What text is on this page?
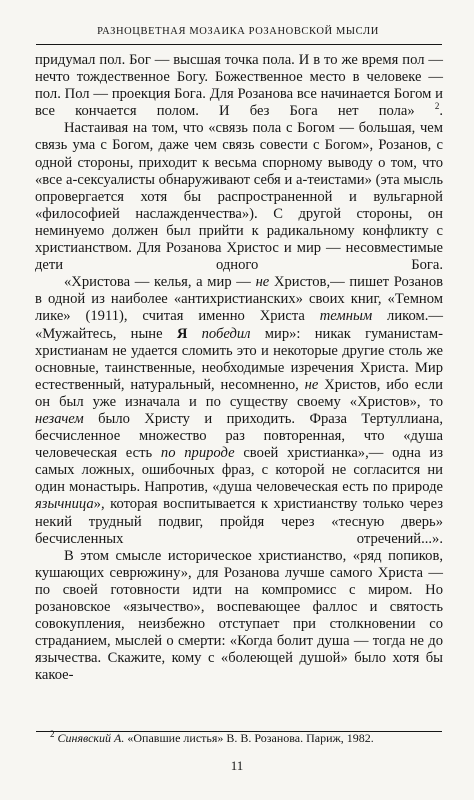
РАЗНОЦВЕТНАЯ МОЗАИКА РОЗАНОВСКОЙ МЫСЛИ

придумал пол. Бог — высшая точка пола. И в то же время пол — нечто тождественное Богу. Божественное место в человеке — пол. Пол — проекция Бога. Для Розанова все начинается Богом и все кончается полом. И без Бога нет пола» $^2$.

Настаивая на том, что «связь пола с Богом — большая, чем связь ума с Богом, даже чем связь совести с Богом», Розанов, с одной стороны, приходит к весьма спорному выводу о том, что «все а-сексуалисты обнаруживают себя и а-теистами» (эта мысль опровергается хотя бы распространенной и вульгарной «философией наслажденчества»). С другой стороны, он неминуемо должен был прийти к радикальному конфликту с христианством. Для Розанова Христос и мир — несовместимые дети одного Бога.

«Христова — келья, а мир — не Христов,— пишет Розанов в одной из наиболее «антихристианских» своих книг, «Темном лике» (1911), считая именно Христа темным ликом.— «Мужайтесь, ныне Я победил мир»: никак гуманистам-христианам не удается сломить это и некоторые другие столь же основные, таинственные, необходимые изречения Христа. Мир естественный, натуральный, несомненно, не Христов, ибо если он был уже изначала и по существу своему «Христов», то незачем было Христу и приходить. Фраза Тертуллиана, бесчисленное множество раз повторенная, что «душа человеческая есть по природе своей христианка»,— одна из самых ложных, ошибочных фраз, с которой не согласится ни один монастырь. Напротив, «душа человеческая есть по природе язычница», которая воспитывается к христианству только через некий трудный подвиг, пройдя через «тесную дверь» бесчисленных отречений...».

В этом смысле историческое христианство, «ряд попиков, кушающих севрюжину», для Розанова лучше самого Христа — по своей готовности идти на компромисс с миром. Но розановское «язычество», воспевающее фаллос и святость совокупления, неизбежно отступает при столкновении со страданием, мыслей о смерти: «Когда болит душа — тогда не до язычества. Скажите, кому с «болеющей душой» было хотя бы какое-

$^2$ Синявский А. «Опавшие листья» В. В. Розанова. Париж, 1982.

11
